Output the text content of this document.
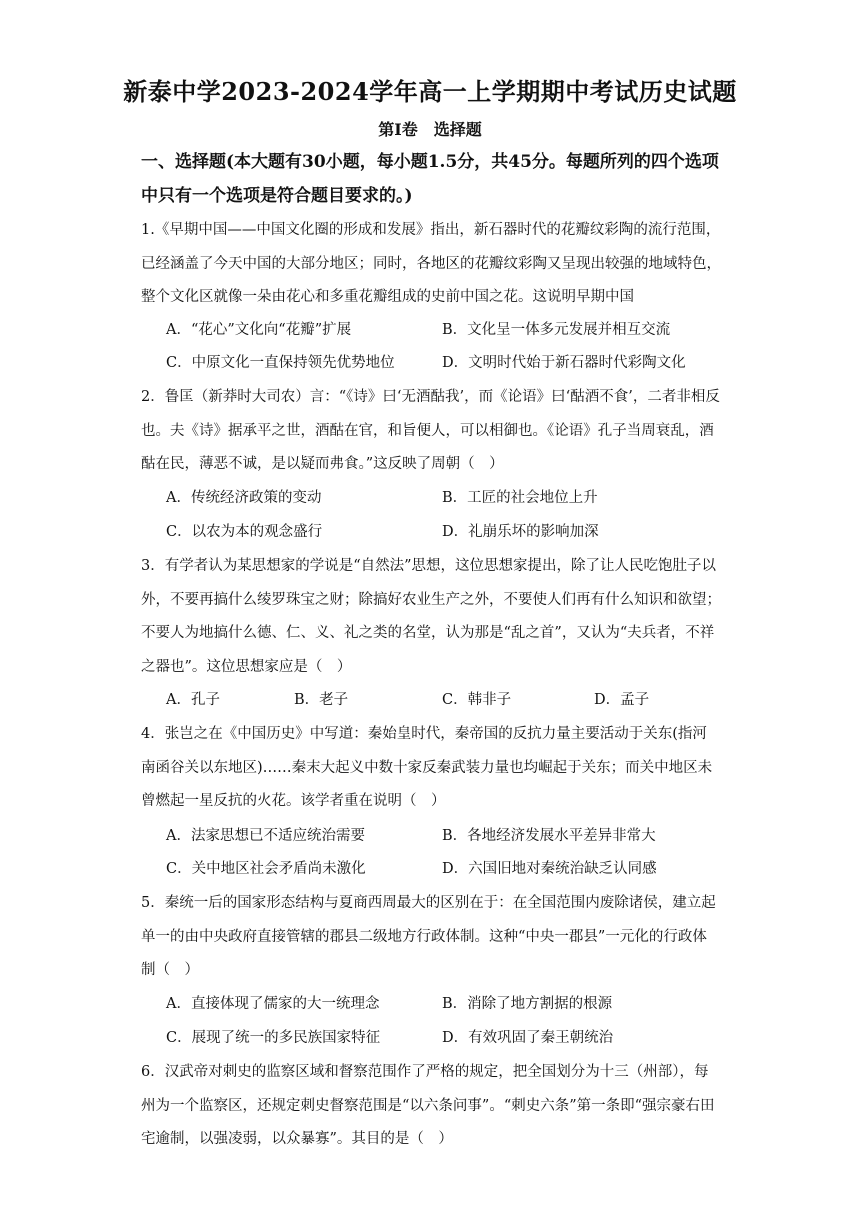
新泰中学2023-2024学年高一上学期期中考试历史试题
第Ⅰ卷　选择题
一、选择题(本大题有30小题，每小题1.5分，共45分。每题所列的四个选项中只有一个选项是符合题目要求的。)
1.《早期中国——中国文化圈的形成和发展》指出，新石器时代的花瓣纹彩陶的流行范围，已经涵盖了今天中国的大部分地区；同时，各地区的花瓣纹彩陶又呈现出较强的地域特色，整个文化区就像一朵由花心和多重花瓣组成的史前中国之花。这说明早期中国
A．“花心”文化向“花瓣”扩展	B．文化呈一体多元发展并相互交流
C．中原文化一直保持领先优势地位	D．文明时代始于新石器时代彩陶文化
2．鲁匡（新莽时大司农）言：“《诗》曰‘无酒酤我’，而《论语》曰‘酤酒不食’，二者非相反也。夫《诗》据承平之世，酒酤在官，和旨便人，可以相御也。《论语》孔子当周衰乱，酒酤在民，薄恶不诚，是以疑而弗食。”这反映了周朝（　）
A．传统经济政策的变动	B．工匠的社会地位上升
C．以农为本的观念盛行	D．礼崩乐坏的影响加深
3．有学者认为某思想家的学说是“自然法”思想，这位思想家提出，除了让人民吃饱肚子以外，不要再搞什么绫罗珠宝之财；除搞好农业生产之外，不要使人们再有什么知识和欲望；不要人为地搞什么德、仁、义、礼之类的名堂，认为那是“乱之首”，又认为“夫兵者，不祥之器也”。这位思想家应是（　）
A．孔子	B．老子	C．韩非子	D．孟子
4．张岂之在《中国历史》中写道：秦始皇时代，秦帝国的反抗力量主要活动于关东(指河南函谷关以东地区)……秦末大起义中数十家反秦武装力量也均崛起于关东；而关中地区未曾燃起一星反抗的火花。该学者重在说明（　）
A．法家思想已不适应统治需要	B．各地经济发展水平差异非常大
C．关中地区社会矛盾尚未激化	D．六国旧地对秦统治缺乏认同感
5．秦统一后的国家形态结构与夏商西周最大的区别在于：在全国范围内废除诸侯，建立起单一的由中央政府直接管辖的郡县二级地方行政体制。这种“中央一郡县”一元化的行政体制（　）
A．直接体现了儒家的大一统理念	B．消除了地方割据的根源
C．展现了统一的多民族国家特征	D．有效巩固了秦王朝统治
6．汉武帝对刺史的监察区域和督察范围作了严格的规定，把全国划分为十三（州部），每州为一个监察区，还规定刺史督察范围是“以六条问事”。“刺史六条”第一条即“强宗豪右田宅逾制，以强凌弱，以众暴寡”。其目的是（　）
